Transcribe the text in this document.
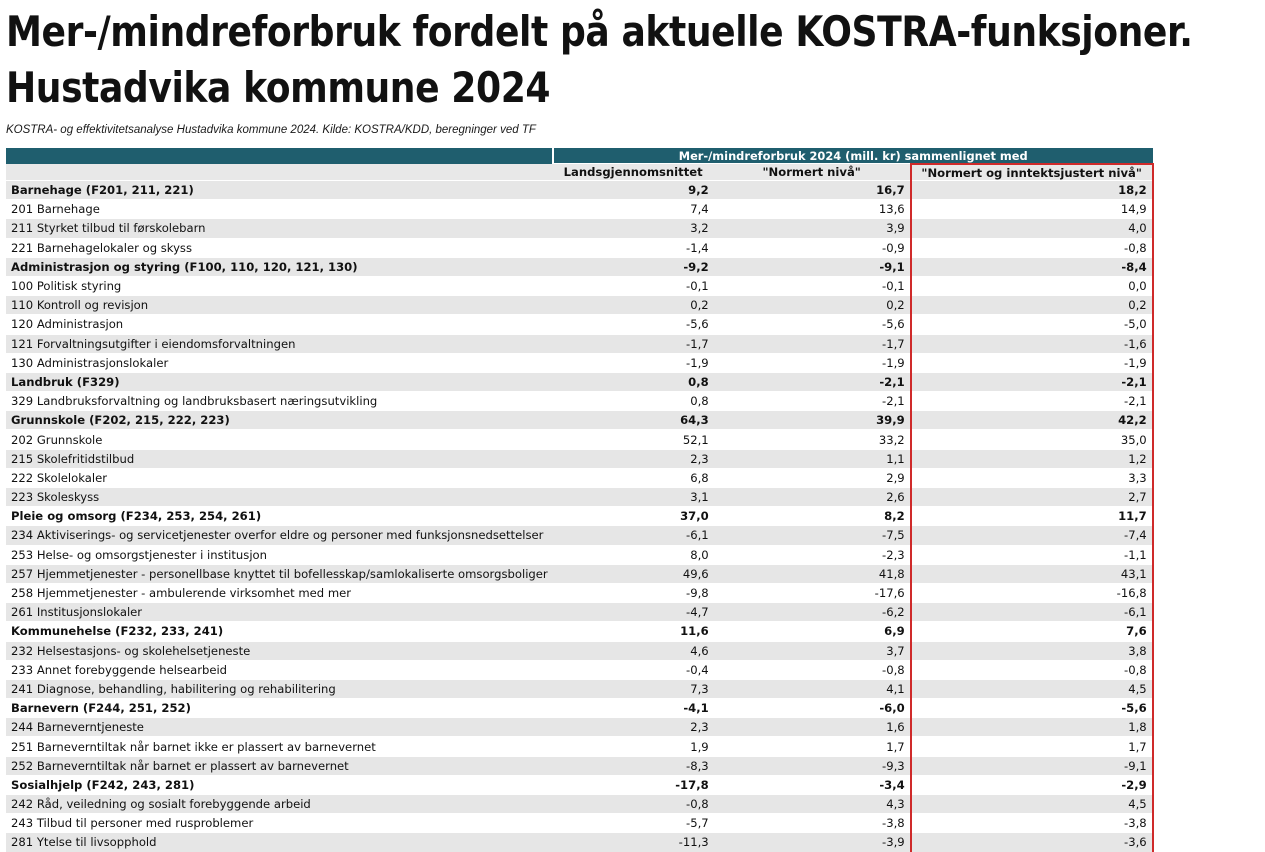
Mer-/mindreforbruk fordelt på aktuelle KOSTRA-funksjoner.
Hustadvika kommune 2024
KOSTRA- og effektivitetsanalyse Hustadvika kommune 2024. Kilde: KOSTRA/KDD, beregninger ved TF
	Mer-/mindreforbruk 2024 (mill. kr) sammenlignet med		
	Landsgjennomsnittet	"Normert nivå"	"Normert og inntektsjustert nivå"
Barnehage (F201, 211, 221)	9,2	16,7	18,2
201 Barnehage	7,4	13,6	14,9
211 Styrket tilbud til førskolebarn	3,2	3,9	4,0
221 Barnehagelokaler og skyss	-1,4	-0,9	-0,8
Administrasjon og styring (F100, 110, 120, 121, 130)	-9,2	-9,1	-8,4
100 Politisk styring	-0,1	-0,1	0,0
110 Kontroll og revisjon	0,2	0,2	0,2
120 Administrasjon	-5,6	-5,6	-5,0
121 Forvaltningsutgifter i eiendomsforvaltningen	-1,7	-1,7	-1,6
130 Administrasjonslokaler	-1,9	-1,9	-1,9
Landbruk (F329)	0,8	-2,1	-2,1
329 Landbruksforvaltning og landbruksbasert næringsutvikling	0,8	-2,1	-2,1
Grunnskole (F202, 215, 222, 223)	64,3	39,9	42,2
202 Grunnskole	52,1	33,2	35,0
215 Skolefritidstilbud	2,3	1,1	1,2
222 Skolelokaler	6,8	2,9	3,3
223 Skoleskyss	3,1	2,6	2,7
Pleie og omsorg (F234, 253, 254, 261)	37,0	8,2	11,7
234 Aktiviserings- og servicetjenester overfor eldre og personer med funksjonsnedsettelser	-6,1	-7,5	-7,4
253 Helse- og omsorgstjenester i institusjon	8,0	-2,3	-1,1
257 Hjemmetjenester - personellbase knyttet til bofellesskap/samlokaliserte omsorgsboliger	49,6	41,8	43,1
258 Hjemmetjenester - ambulerende virksomhet med mer	-9,8	-17,6	-16,8
261 Institusjonslokaler	-4,7	-6,2	-6,1
Kommunehelse (F232, 233, 241)	11,6	6,9	7,6
232 Helsestasjons- og skolehelsetjeneste	4,6	3,7	3,8
233 Annet forebyggende helsearbeid	-0,4	-0,8	-0,8
241 Diagnose, behandling, habilitering og rehabilitering	7,3	4,1	4,5
Barnevern (F244, 251, 252)	-4,1	-6,0	-5,6
244 Barneverntjeneste	2,3	1,6	1,8
251 Barneverntiltak når barnet ikke er plassert av barnevernet	1,9	1,7	1,7
252 Barneverntiltak når barnet er plassert av barnevernet	-8,3	-9,3	-9,1
Sosialhjelp (F242, 243, 281)	-17,8	-3,4	-2,9
242 Råd, veiledning og sosialt forebyggende arbeid	-0,8	4,3	4,5
243 Tilbud til personer med rusproblemer	-5,7	-3,8	-3,8
281 Ytelse til livsopphold	-11,3	-3,9	-3,6
